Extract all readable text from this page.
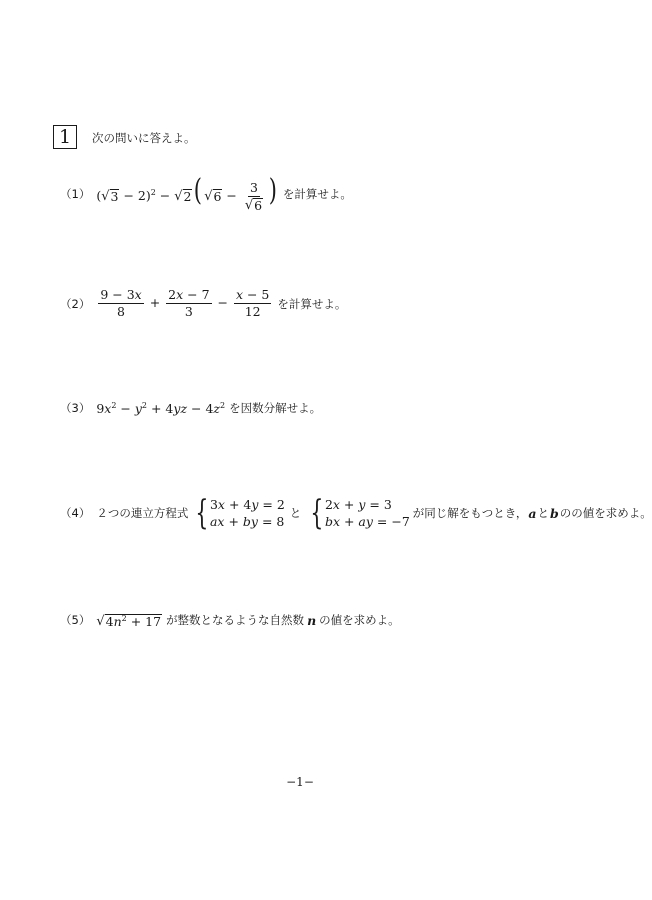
1	次の問いに答えよ。
（1） ( √ 3 − 2)$^2$ − √ 2 ( √ $6 - \frac{3}{√ 6}$ ) を計算せよ。
$(2) \frac{9 - 3x}{8} + \frac{2x - 7}{3} - \frac{x - 5}{12}$ を計算せよ。
（3） $9x^2 - y^2 + 4yz - 4z^2$ を因数分解せよ。
（4） ２つの連立方程式 { 3x + 4y = 2
ax + by = 8
と { 2x + y = 3
bx + ay = −7
が同じ解をもつとき， a と b の の値を求めよ。
（5） √ $4n^2 + 17$ が整数となるような自然数 n の値を求めよ。
−1−
